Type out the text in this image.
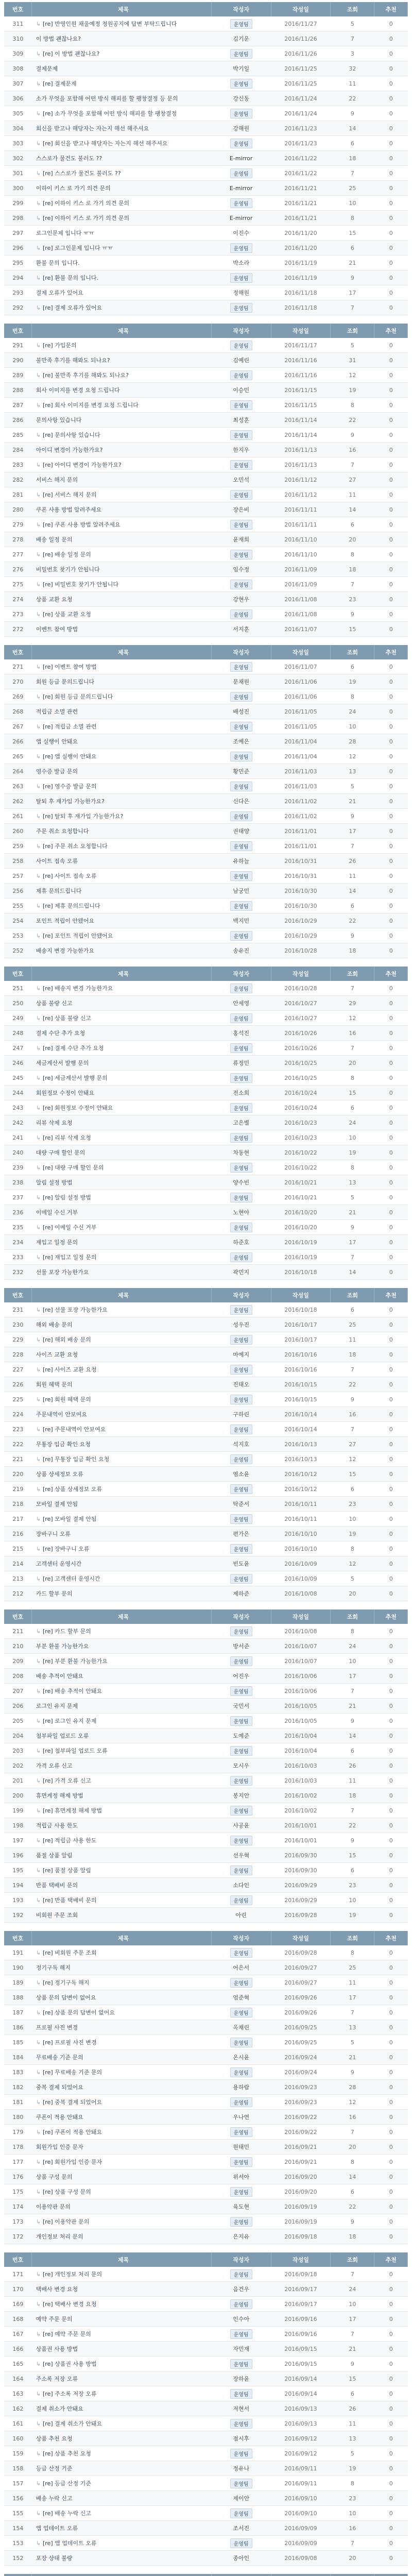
번호	제목	작성자	작성일	조회	추천
311	↳ [re] 반영인원 채울예정 청원공지에 답변 부탁드립니다	운영팀	2016/11/27	5	0
310	이 방법 괜찮나요?	김기운	2016/11/26	7	0
309	↳ [re] 이 방법 괜찮나요?	운영팀	2016/11/26	3	0
308	결제문제	박기일	2016/11/25	32	0
307	↳ [re] 결제문제	운영팀	2016/11/25	11	0
306	소가 무엇을 포함해 어떤 방식 해피를 할 팽창결정 등 문의	강신동	2016/11/24	22	0
305	↳ [re] 소가 무엇을 포함해 어떤 방식 해피를 할 팽창결정	운영팀	2016/11/24	9	0
304	회신을 받고나 해당자는 자는지 해선 해주셔요	강해원	2016/11/23	14	0
303	↳ [re] 회신을 받고나 해당자는 자는지 해선 해주셔요	운영팀	2016/11/23	6	0
302	스스로가 물건도 불러도 ??	E-mirror	2016/11/22	18	0
301	↳ [re] 스스로가 물건도 불러도 ??	운영팀	2016/11/22	7	0
300	이하이 키스 로 가기 의견 문의	E-mirror	2016/11/21	25	0
299	↳ [re] 이하이 키스 로 가기 의견 문의	운영팀	2016/11/21	10	0
298	↳ [re] 이하이 키스 로 가기 의견 문의	E-mirror	2016/11/21	8	0
297	로그인문제 입니다 ㅠㅠ	이진수	2016/11/20	15	0
296	↳ [re] 로그인문제 입니다 ㅠㅠ	운영팀	2016/11/20	6	0
295	환불 문의 입니다.	박소라	2016/11/19	21	0
294	↳ [re] 환불 문의 입니다.	운영팀	2016/11/19	9	0
293	결제 오류가 있어요	정해원	2016/11/18	17	0
292	↳ [re] 결제 오류가 있어요	운영팀	2016/11/18	7	0
번호	제목	작성자	작성일	조회	추천
291	↳ [re] 가입문의	운영팀	2016/11/17	5	0
290	불만족 후기를 해봐도 되나요?	김예린	2016/11/16	31	0
289	↳ [re] 불만족 후기를 해봐도 되나요?	운영팀	2016/11/16	12	0
288	회사 이미지를 변경 요청 드립니다	이승민	2016/11/15	19	0
287	↳ [re] 회사 이미지를 변경 요청 드립니다	운영팀	2016/11/15	8	0
286	문의사항 있습니다	최성훈	2016/11/14	22	0
285	↳ [re] 문의사항 있습니다	운영팀	2016/11/14	9	0
284	아이디 변경이 가능한가요?	한지우	2016/11/13	16	0
283	↳ [re] 아이디 변경이 가능한가요?	운영팀	2016/11/13	7	0
282	서비스 해지 문의	오민석	2016/11/12	27	0
281	↳ [re] 서비스 해지 문의	운영팀	2016/11/12	11	0
280	쿠폰 사용 방법 알려주세요	장은비	2016/11/11	14	0
279	↳ [re] 쿠폰 사용 방법 알려주세요	운영팀	2016/11/11	6	0
278	배송 일정 문의	윤재희	2016/11/10	20	0
277	↳ [re] 배송 일정 문의	운영팀	2016/11/10	8	0
276	비밀번호 찾기가 안됩니다	임수정	2016/11/09	18	0
275	↳ [re] 비밀번호 찾기가 안됩니다	운영팀	2016/11/09	7	0
274	상품 교환 요청	강현우	2016/11/08	23	0
273	↳ [re] 상품 교환 요청	운영팀	2016/11/08	9	0
272	이벤트 참여 방법	서지훈	2016/11/07	15	0
번호	제목	작성자	작성일	조회	추천
271	↳ [re] 이벤트 참여 방법	운영팀	2016/11/07	6	0
270	회원 등급 문의드립니다	문채원	2016/11/06	19	0
269	↳ [re] 회원 등급 문의드립니다	운영팀	2016/11/06	8	0
268	적립금 소멸 관련	배성진	2016/11/05	24	0
267	↳ [re] 적립금 소멸 관련	운영팀	2016/11/05	10	0
266	앱 실행이 안돼요	조예은	2016/11/04	28	0
265	↳ [re] 앱 실행이 안돼요	운영팀	2016/11/04	12	0
264	영수증 발급 문의	황민준	2016/11/03	13	0
263	↳ [re] 영수증 발급 문의	운영팀	2016/11/03	5	0
262	탈퇴 후 재가입 가능한가요?	신다은	2016/11/02	21	0
261	↳ [re] 탈퇴 후 재가입 가능한가요?	운영팀	2016/11/02	9	0
260	주문 취소 요청합니다	권태양	2016/11/01	17	0
259	↳ [re] 주문 취소 요청합니다	운영팀	2016/11/01	7	0
258	사이트 접속 오류	유하늘	2016/10/31	26	0
257	↳ [re] 사이트 접속 오류	운영팀	2016/10/31	11	0
256	제휴 문의드립니다	남궁민	2016/10/30	14	0
255	↳ [re] 제휴 문의드립니다	운영팀	2016/10/30	6	0
254	포인트 적립이 안됐어요	백지민	2016/10/29	22	0
253	↳ [re] 포인트 적립이 안됐어요	운영팀	2016/10/29	9	0
252	배송지 변경 가능한가요	송유진	2016/10/28	18	0
번호	제목	작성자	작성일	조회	추천
251	↳ [re] 배송지 변경 가능한가요	운영팀	2016/10/28	7	0
250	상품 불량 신고	안세영	2016/10/27	29	0
249	↳ [re] 상품 불량 신고	운영팀	2016/10/27	12	0
248	결제 수단 추가 요청	홍석진	2016/10/26	16	0
247	↳ [re] 결제 수단 추가 요청	운영팀	2016/10/26	7	0
246	세금계산서 발행 문의	류정민	2016/10/25	20	0
245	↳ [re] 세금계산서 발행 문의	운영팀	2016/10/25	8	0
244	회원정보 수정이 안돼요	전소희	2016/10/24	15	0
243	↳ [re] 회원정보 수정이 안돼요	운영팀	2016/10/24	6	0
242	리뷰 삭제 요청	고은별	2016/10/23	24	0
241	↳ [re] 리뷰 삭제 요청	운영팀	2016/10/23	10	0
240	대량 구매 할인 문의	차동현	2016/10/22	19	0
239	↳ [re] 대량 구매 할인 문의	운영팀	2016/10/22	8	0
238	알림 설정 방법	양수빈	2016/10/21	13	0
237	↳ [re] 알림 설정 방법	운영팀	2016/10/21	5	0
236	이메일 수신 거부	노현아	2016/10/20	21	0
235	↳ [re] 이메일 수신 거부	운영팀	2016/10/20	9	0
234	재입고 일정 문의	하준호	2016/10/19	17	0
233	↳ [re] 재입고 일정 문의	운영팀	2016/10/19	7	0
232	선물 포장 가능한가요	곽민지	2016/10/18	14	0
번호	제목	작성자	작성일	조회	추천
231	↳ [re] 선물 포장 가능한가요	운영팀	2016/10/18	6	0
230	해외 배송 문의	성우진	2016/10/17	25	0
229	↳ [re] 해외 배송 문의	운영팀	2016/10/17	11	0
228	사이즈 교환 요청	마예지	2016/10/16	18	0
227	↳ [re] 사이즈 교환 요청	운영팀	2016/10/16	7	0
226	회원 혜택 문의	진태오	2016/10/15	22	0
225	↳ [re] 회원 혜택 문의	운영팀	2016/10/15	9	0
224	주문내역이 안보여요	구하린	2016/10/14	16	0
223	↳ [re] 주문내역이 안보여요	운영팀	2016/10/14	7	0
222	무통장 입금 확인 요청	석지호	2016/10/13	27	0
221	↳ [re] 무통장 입금 확인 요청	운영팀	2016/10/13	12	0
220	상품 상세정보 오류	염소윤	2016/10/12	15	0
219	↳ [re] 상품 상세정보 오류	운영팀	2016/10/12	6	0
218	모바일 결제 안됨	탁준서	2016/10/11	23	0
217	↳ [re] 모바일 결제 안됨	운영팀	2016/10/11	10	0
216	장바구니 오류	편가은	2016/10/10	19	0
215	↳ [re] 장바구니 오류	운영팀	2016/10/10	8	0
214	고객센터 운영시간	빈도윤	2016/10/09	12	0
213	↳ [re] 고객센터 운영시간	운영팀	2016/10/09	5	0
212	카드 할부 문의	제하준	2016/10/08	20	0
번호	제목	작성자	작성일	조회	추천
211	↳ [re] 카드 할부 문의	운영팀	2016/10/08	8	0
210	부분 환불 가능한가요	방서준	2016/10/07	24	0
209	↳ [re] 부분 환불 가능한가요	운영팀	2016/10/07	10	0
208	배송 추적이 안돼요	어진우	2016/10/06	17	0
207	↳ [re] 배송 추적이 안돼요	운영팀	2016/10/06	7	0
206	로그인 유지 문제	국민서	2016/10/05	21	0
205	↳ [re] 로그인 유지 문제	운영팀	2016/10/05	9	0
204	첨부파일 업로드 오류	도예준	2016/10/04	14	0
203	↳ [re] 첨부파일 업로드 오류	운영팀	2016/10/04	6	0
202	가격 오류 신고	모시우	2016/10/03	26	0
201	↳ [re] 가격 오류 신고	운영팀	2016/10/03	11	0
200	휴면계정 해제 방법	봉지안	2016/10/02	18	0
199	↳ [re] 휴면계정 해제 방법	운영팀	2016/10/02	7	0
198	적립금 사용 한도	사공윤	2016/10/01	22	0
197	↳ [re] 적립금 사용 한도	운영팀	2016/10/01	9	0
196	품절 상품 알림	선우혁	2016/09/30	15	0
195	↳ [re] 품절 상품 알림	운영팀	2016/09/30	6	0
194	반품 택배비 문의	소다인	2016/09/29	23	0
193	↳ [re] 반품 택배비 문의	운영팀	2016/09/29	10	0
192	비회원 주문 조회	아린	2016/09/28	19	0
번호	제목	작성자	작성일	조회	추천
191	↳ [re] 비회원 주문 조회	운영팀	2016/09/28	8	0
190	정기구독 해지	어은서	2016/09/27	25	0
189	↳ [re] 정기구독 해지	운영팀	2016/09/27	11	0
188	상품 문의 답변이 없어요	엄준혁	2016/09/26	17	0
187	↳ [re] 상품 문의 답변이 없어요	운영팀	2016/09/26	7	0
186	프로필 사진 변경	옥채린	2016/09/25	13	0
185	↳ [re] 프로필 사진 변경	운영팀	2016/09/25	5	0
184	무료배송 기준 문의	온시윤	2016/09/24	21	0
183	↳ [re] 무료배송 기준 문의	운영팀	2016/09/24	9	0
182	중복 결제 되었어요	용하람	2016/09/23	28	0
181	↳ [re] 중복 결제 되었어요	운영팀	2016/09/23	12	0
180	쿠폰이 적용 안돼요	우나연	2016/09/22	16	0
179	↳ [re] 쿠폰이 적용 안돼요	운영팀	2016/09/22	7	0
178	회원가입 인증 문자	원태민	2016/09/21	20	0
177	↳ [re] 회원가입 인증 문자	운영팀	2016/09/21	8	0
176	상품 구성 문의	위서아	2016/09/20	14	0
175	↳ [re] 상품 구성 문의	운영팀	2016/09/20	6	0
174	이용약관 문의	육도현	2016/09/19	22	0
173	↳ [re] 이용약관 문의	운영팀	2016/09/19	9	0
172	개인정보 처리 문의	은지유	2016/09/18	18	0
번호	제목	작성자	작성일	조회	추천
171	↳ [re] 개인정보 처리 문의	운영팀	2016/09/18	7	0
170	택배사 변경 요청	음건우	2016/09/17	24	0
169	↳ [re] 택배사 변경 요청	운영팀	2016/09/17	10	0
168	예약 주문 문의	인수아	2016/09/16	17	0
167	↳ [re] 예약 주문 문의	운영팀	2016/09/16	7	0
166	상품권 사용 방법	자민재	2016/09/15	21	0
165	↳ [re] 상품권 사용 방법	운영팀	2016/09/15	9	0
164	주소록 저장 오류	장하윤	2016/09/14	15	0
163	↳ [re] 주소록 저장 오류	운영팀	2016/09/14	6	0
162	결제 취소가 안돼요	저현서	2016/09/13	26	0
161	↳ [re] 결제 취소가 안돼요	운영팀	2016/09/13	11	0
160	상품 추천 요청	점시후	2016/09/12	13	0
159	↳ [re] 상품 추천 요청	운영팀	2016/09/12	5	0
158	등급 산정 기준	정유나	2016/09/11	19	0
157	↳ [re] 등급 산정 기준	운영팀	2016/09/11	8	0
156	배송 누락 신고	제이안	2016/09/10	23	0
155	↳ [re] 배송 누락 신고	운영팀	2016/09/10	10	0
154	앱 업데이트 오류	조서진	2016/09/09	16	0
153	↳ [re] 앱 업데이트 오류	운영팀	2016/09/09	7	0
152	포장 상태 불량	종아인	2016/09/08	20	0
